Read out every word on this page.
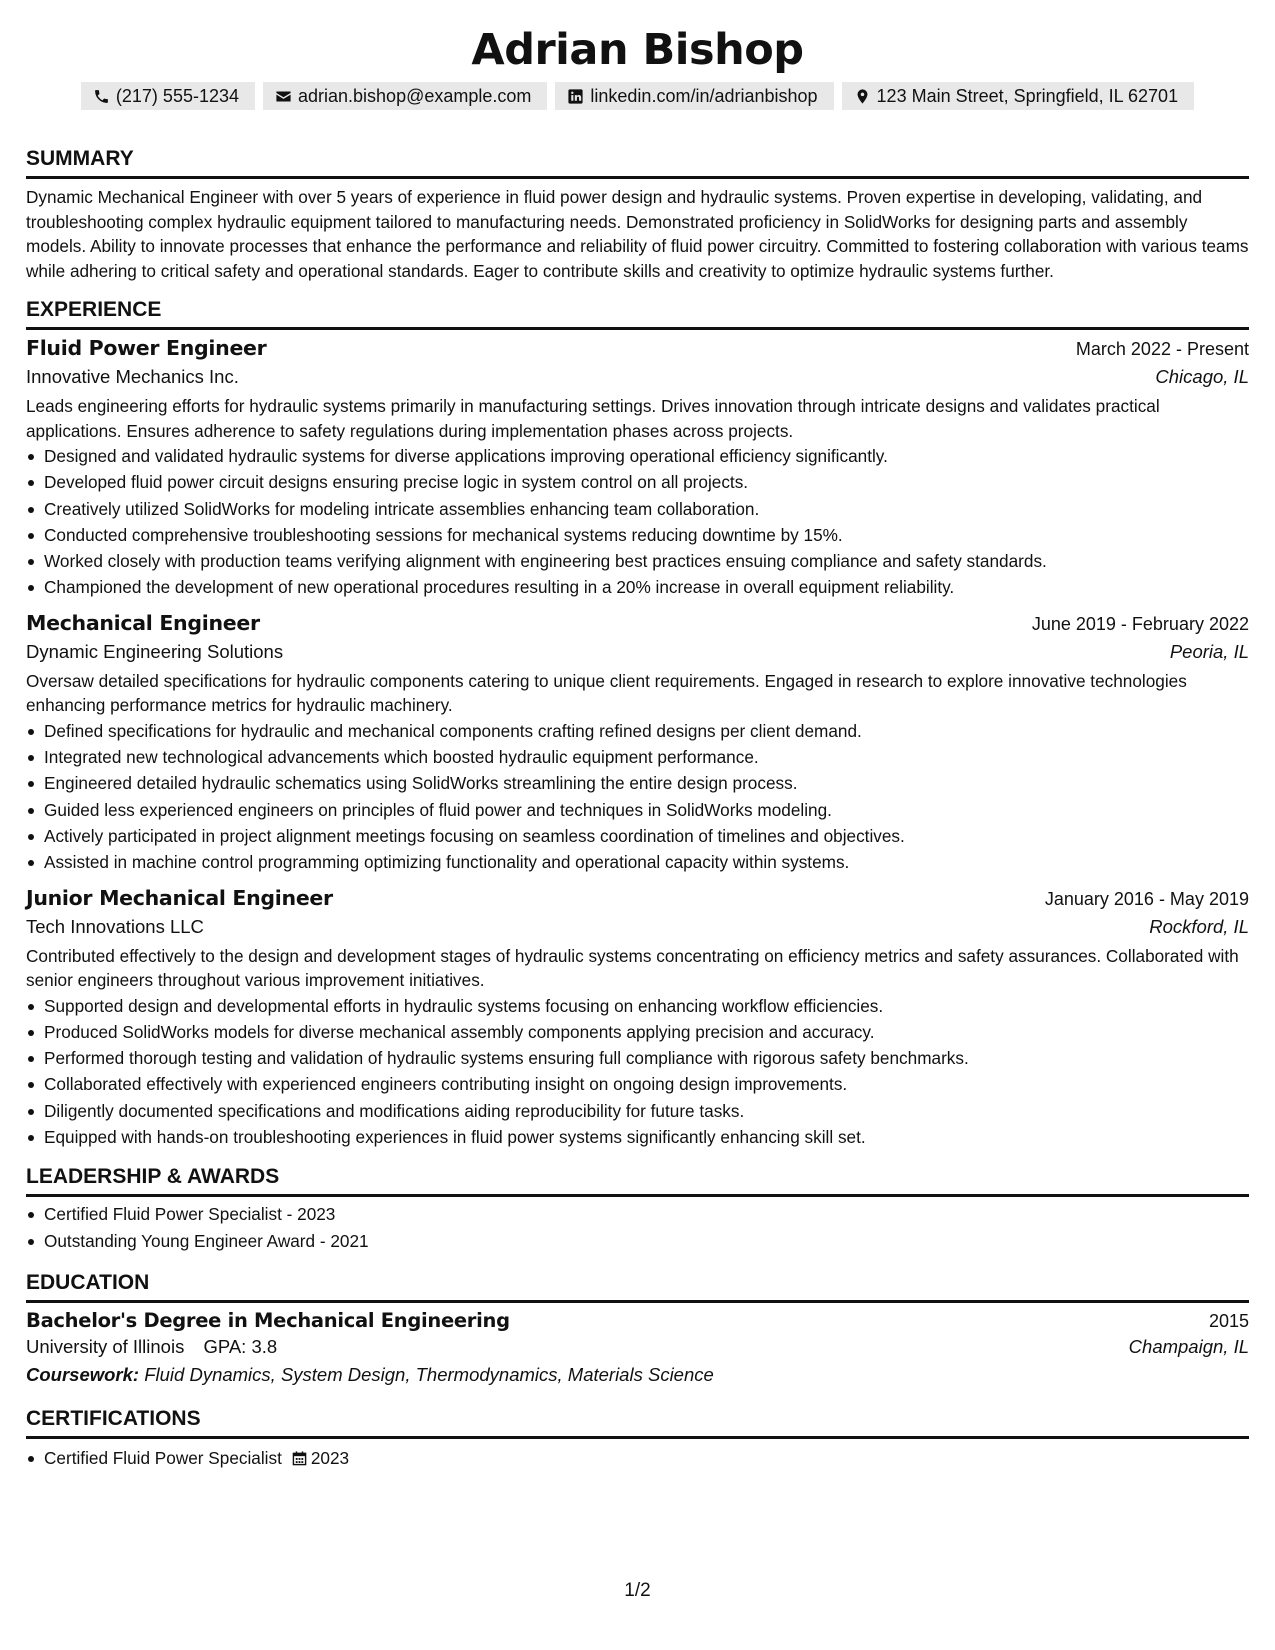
Adrian Bishop
(217) 555-1234	adrian.bishop@example.com	linkedin.com/in/adrianbishop	123 Main Street, Springfield, IL 62701
SUMMARY
Dynamic Mechanical Engineer with over 5 years of experience in fluid power design and hydraulic systems. Proven expertise in developing, validating, and troubleshooting complex hydraulic equipment tailored to manufacturing needs. Demonstrated proficiency in SolidWorks for designing parts and assembly models. Ability to innovate processes that enhance the performance and reliability of fluid power circuitry. Committed to fostering collaboration with various teams while adhering to critical safety and operational standards. Eager to contribute skills and creativity to optimize hydraulic systems further.
EXPERIENCE
Fluid Power Engineer	March 2022 - Present
Innovative Mechanics Inc.	Chicago, IL
Leads engineering efforts for hydraulic systems primarily in manufacturing settings. Drives innovation through intricate designs and validates practical applications. Ensures adherence to safety regulations during implementation phases across projects.
Designed and validated hydraulic systems for diverse applications improving operational efficiency significantly.
Developed fluid power circuit designs ensuring precise logic in system control on all projects.
Creatively utilized SolidWorks for modeling intricate assemblies enhancing team collaboration.
Conducted comprehensive troubleshooting sessions for mechanical systems reducing downtime by 15%.
Worked closely with production teams verifying alignment with engineering best practices ensuing compliance and safety standards.
Championed the development of new operational procedures resulting in a 20% increase in overall equipment reliability.
Mechanical Engineer	June 2019 - February 2022
Dynamic Engineering Solutions	Peoria, IL
Oversaw detailed specifications for hydraulic components catering to unique client requirements. Engaged in research to explore innovative technologies enhancing performance metrics for hydraulic machinery.
Defined specifications for hydraulic and mechanical components crafting refined designs per client demand.
Integrated new technological advancements which boosted hydraulic equipment performance.
Engineered detailed hydraulic schematics using SolidWorks streamlining the entire design process.
Guided less experienced engineers on principles of fluid power and techniques in SolidWorks modeling.
Actively participated in project alignment meetings focusing on seamless coordination of timelines and objectives.
Assisted in machine control programming optimizing functionality and operational capacity within systems.
Junior Mechanical Engineer	January 2016 - May 2019
Tech Innovations LLC	Rockford, IL
Contributed effectively to the design and development stages of hydraulic systems concentrating on efficiency metrics and safety assurances. Collaborated with senior engineers throughout various improvement initiatives.
Supported design and developmental efforts in hydraulic systems focusing on enhancing workflow efficiencies.
Produced SolidWorks models for diverse mechanical assembly components applying precision and accuracy.
Performed thorough testing and validation of hydraulic systems ensuring full compliance with rigorous safety benchmarks.
Collaborated effectively with experienced engineers contributing insight on ongoing design improvements.
Diligently documented specifications and modifications aiding reproducibility for future tasks.
Equipped with hands-on troubleshooting experiences in fluid power systems significantly enhancing skill set.
LEADERSHIP & AWARDS
Certified Fluid Power Specialist - 2023
Outstanding Young Engineer Award - 2021
EDUCATION
Bachelor's Degree in Mechanical Engineering	2015
University of Illinois GPA: 3.8	Champaign, IL
Coursework: Fluid Dynamics, System Design, Thermodynamics, Materials Science
CERTIFICATIONS
Certified Fluid Power Specialist 2023
1/2
